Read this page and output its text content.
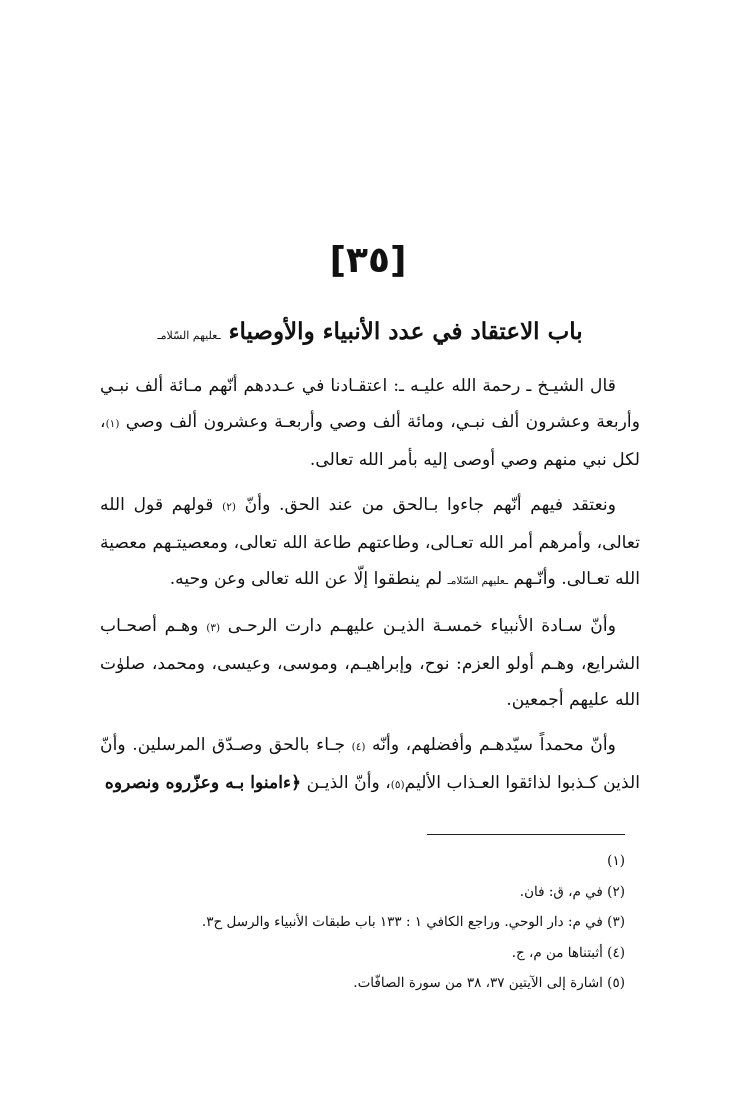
[٣٥]
باب الاعتقاد في عدد الأنبياء والأوصياء ـعليهم السّلامـ

قال الشيـخ ـ رحمة الله عليـه ـ: اعتقـادنا في عـددهم أنّهم مـائة ألف نبـي وأربعة وعشرون ألف نبـي، ومائة ألف وصي وأربعـة وعشرون ألف وصي (١)، لكل نبي منهم وصي أوصى إليه بأمر الله تعالى.

ونعتقد فيهم أنّهم جاءوا بـالحق من عند الحق. وأنّ (٢) قولهم قول الله تعالى، وأمرهم أمر الله تعـالى، وطاعتهم طاعة الله تعالى، ومعصيتـهم معصية الله تعـالى. وأنّـهم ـعليهم السّلامـ لم ينطقوا إلّا عن الله تعالى وعن وحيه.

وأنّ سـادة الأنبياء خمسـة الذيـن عليهـم دارت الرحـى (٣) وهـم أصحـاب الشرايع، وهـم أولو العزم: نوح، وإبراهيـم، وموسى، وعيسى، ومحمد، صلوٰت الله عليهم أجمعين.

وأنّ محمداً سيّدهـم وأفضلهم، وأنّه (٤) جـاء بالحق وصـدّق المرسلين. وأنّ الذين كـذبوا لذائقوا العـذاب الأليم(٥)، وأنّ الذيـن ﴿ءامنوا بـه وعزّروه ونصروه

(١)
(٢) في م، ق: فان.
(٣) في م: دار الوحي. وراجع الكافي ١ : ١٣٣ باب طبقات الأنبياء والرسل ح٣.
(٤) أثبتناها من م، ج.
(٥) اشارة إلى الآيتين ٣٧، ٣٨ من سورة الصافّات.
